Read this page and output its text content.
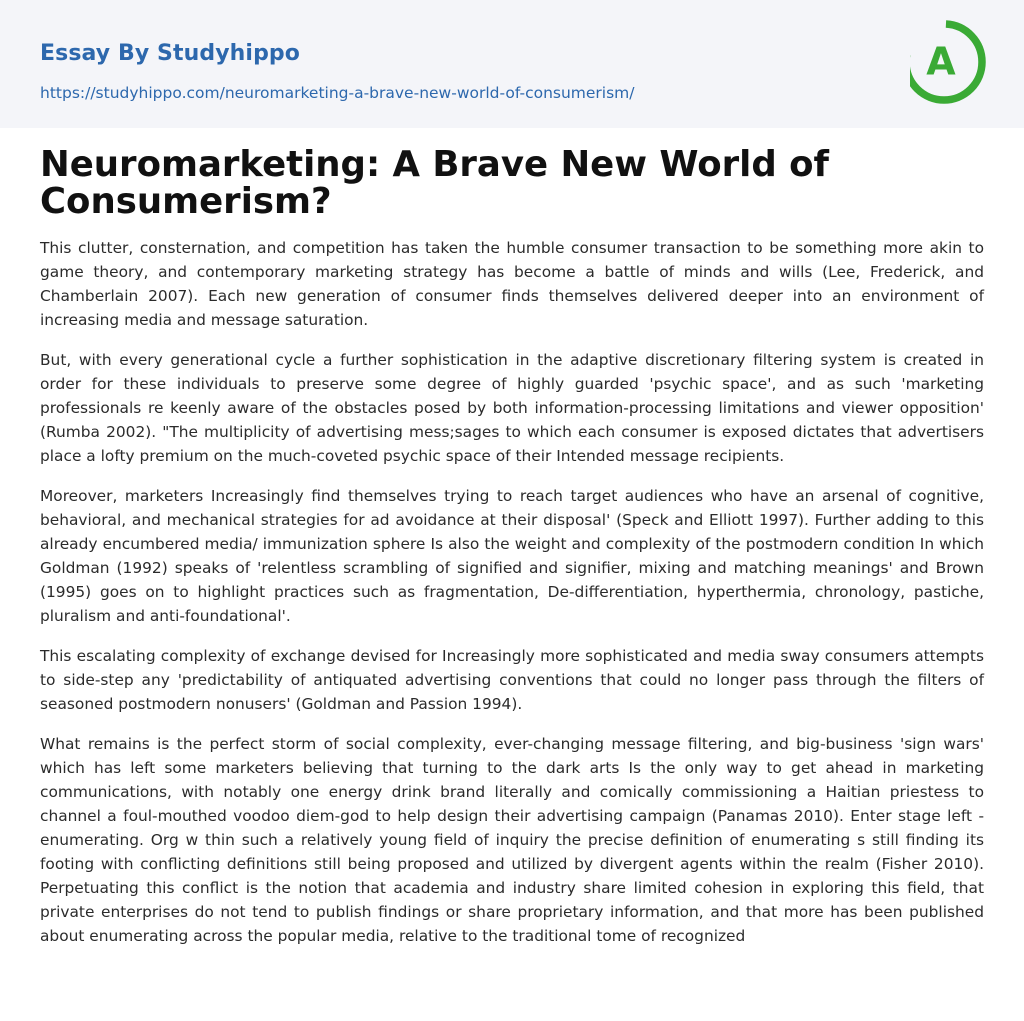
Essay By Studyhippo
https://studyhippo.com/neuromarketing-a-brave-new-world-of-consumerism/
A
Neuromarketing: A Brave New World of Consumerism?

This clutter, consternation, and competition has taken the humble consumer transaction to be something more akin to game theory, and contemporary marketing strategy has become a battle of minds and wills (Lee, Frederick, and Chamberlain 2007). Each new generation of consumer finds themselves delivered deeper into an environment of increasing media and message saturation.

But, with every generational cycle a further sophistication in the adaptive discretionary filtering system is created in order for these individuals to preserve some degree of highly guarded 'psychic space', and as such 'marketing professionals re keenly aware of the obstacles posed by both information-processing limitations and viewer opposition' (Rumba 2002). "The multiplicity of advertising mess;sages to which each consumer is exposed dictates that advertisers place a lofty premium on the much-coveted psychic space of their Intended message recipients.

Moreover, marketers Increasingly find themselves trying to reach target audiences who have an arsenal of cognitive, behavioral, and mechanical strategies for ad avoidance at their disposal' (Speck and Elliott 1997). Further adding to this already encumbered media/ immunization sphere Is also the weight and complexity of the postmodern condition In which Goldman (1992) speaks of 'relentless scrambling of signified and signifier, mixing and matching meanings' and Brown (1995) goes on to highlight practices such as fragmentation, De-differentiation, hyperthermia, chronology, pastiche, pluralism and anti-foundational'.

This escalating complexity of exchange devised for Increasingly more sophisticated and media sway consumers attempts to side-step any 'predictability of antiquated advertising conventions that could no longer pass through the filters of seasoned postmodern nonusers' (Goldman and Passion 1994).

What remains is the perfect storm of social complexity, ever-changing message filtering, and big-business 'sign wars' which has left some marketers believing that turning to the dark arts Is the only way to get ahead in marketing communications, with notably one energy drink brand literally and comically commissioning a Haitian priestess to channel a foul-mouthed voodoo diem-god to help design their advertising campaign (Panamas 2010). Enter stage left - enumerating. Org w thin such a relatively young field of inquiry the precise definition of enumerating s still finding its footing with conflicting definitions still being proposed and utilized by divergent agents within the realm (Fisher 2010). Perpetuating this conflict is the notion that academia and industry share limited cohesion in exploring this field, that private enterprises do not tend to publish findings or share proprietary information, and that more has been published about enumerating across the popular media, relative to the traditional tome of recognized
